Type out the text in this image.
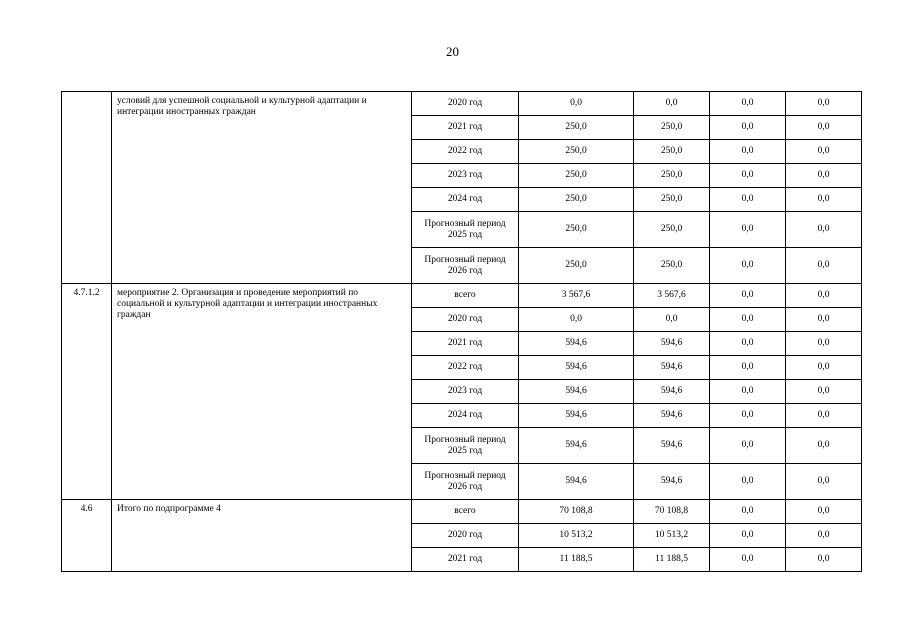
20
	условий для успешной социальной и культурной адаптации и интеграции иностранных граждан	2020 год	0,0	0,0	0,0	0,0
		2021 год	250,0	250,0	0,0	0,0
		2022 год	250,0	250,0	0,0	0,0
		2023 год	250,0	250,0	0,0	0,0
		2024 год	250,0	250,0	0,0	0,0
		Прогнозный период 2025 год	250,0	250,0	0,0	0,0
		Прогнозный период 2026 год	250,0	250,0	0,0	0,0
4.7.1.2	мероприятие 2. Организация и проведение мероприятий по социальной и культурной адаптации и интеграции иностранных граждан	всего	3 567,6	3 567,6	0,0	0,0
		2020 год	0,0	0,0	0,0	0,0
		2021 год	594,6	594,6	0,0	0,0
		2022 год	594,6	594,6	0,0	0,0
		2023 год	594,6	594,6	0,0	0,0
		2024 год	594,6	594,6	0,0	0,0
		Прогнозный период 2025 год	594,6	594,6	0,0	0,0
		Прогнозный период 2026 год	594,6	594,6	0,0	0,0
4.6	Итого по подпрограмме 4	всего	70 108,8	70 108,8	0,0	0,0
		2020 год	10 513,2	10 513,2	0,0	0,0
		2021 год	11 188,5	11 188,5	0,0	0,0
